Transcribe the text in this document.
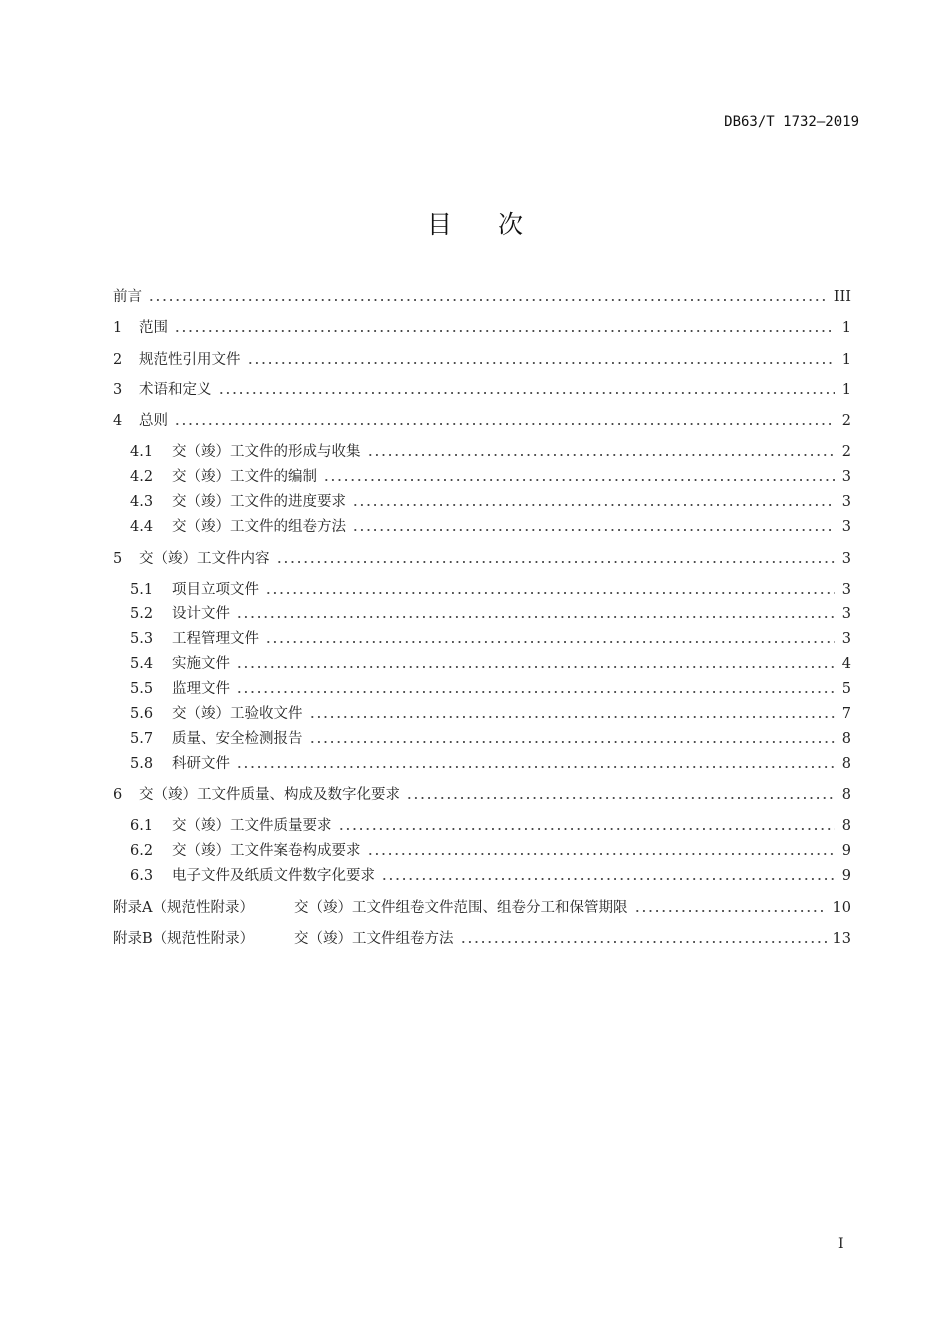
DB63/T 1732—2019
目次
前言	III
1	范围	1
2	规范性引用文件	1
3	术语和定义	1
4	总则	2
4.1	交（竣）工文件的形成与收集	2
4.2	交（竣）工文件的编制	3
4.3	交（竣）工文件的进度要求	3
4.4	交（竣）工文件的组卷方法	3
5	交（竣）工文件内容	3
5.1	项目立项文件	3
5.2	设计文件	3
5.3	工程管理文件	3
5.4	实施文件	4
5.5	监理文件	5
5.6	交（竣）工验收文件	7
5.7	质量、安全检测报告	8
5.8	科研文件	8
6	交（竣）工文件质量、构成及数字化要求	8
6.1	交（竣）工文件质量要求	8
6.2	交（竣）工文件案卷构成要求	9
6.3	电子文件及纸质文件数字化要求	9
附录A（规范性附录）	交（竣）工文件组卷文件范围、组卷分工和保管期限	10
附录B（规范性附录）	交（竣）工文件组卷方法	13
I
